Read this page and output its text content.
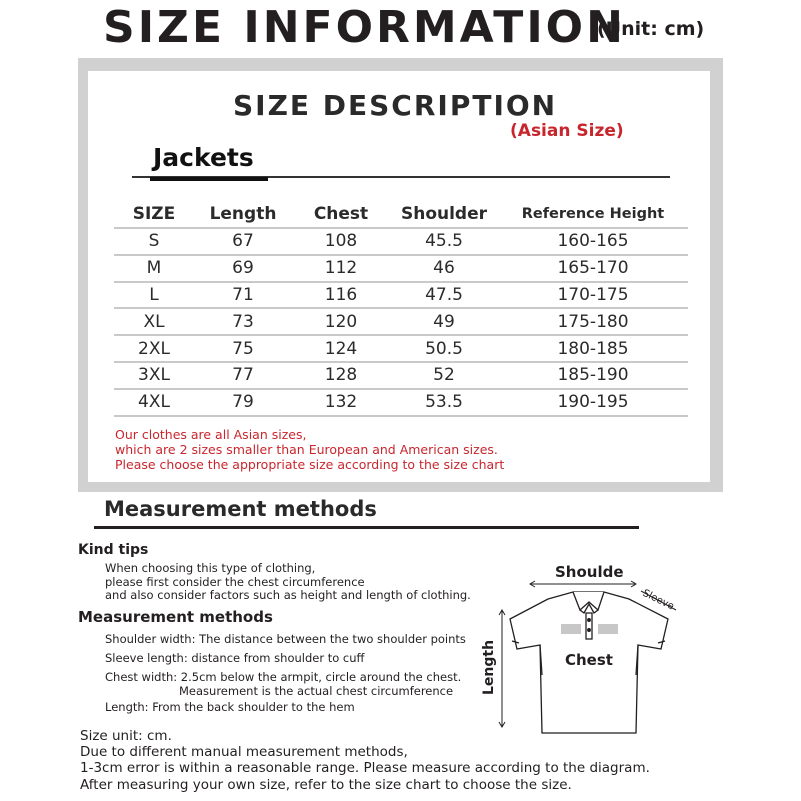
SIZE INFORMATION
(Unit: cm)
SIZE DESCRIPTION
(Asian Size)
Jackets
SIZE	Length	Chest	Shoulder	Reference Height
S	67	108	45.5	160-165
M	69	112	46	165-170
L	71	116	47.5	170-175
XL	73	120	49	175-180
2XL	75	124	50.5	180-185
3XL	77	128	52	185-190
4XL	79	132	53.5	190-195
Our clothes are all Asian sizes,
which are 2 sizes smaller than European and American sizes.
Please choose the appropriate size according to the size chart
Measurement methods
Kind tips
When choosing this type of clothing,
please first consider the chest circumference
and also consider factors such as height and length of clothing.
Measurement methods
Shoulder width: The distance between the two shoulder points
Sleeve length: distance from shoulder to cuff
Chest width: 2.5cm below the armpit, circle around the chest.
Measurement is the actual chest circumference
Length: From the back shoulder to the hem
Shoulde
Sleeve
Chest
Length
Size unit: cm.
Due to different manual measurement methods,
1-3cm error is within a reasonable range. Please measure according to the diagram.
After measuring your own size, refer to the size chart to choose the size.
